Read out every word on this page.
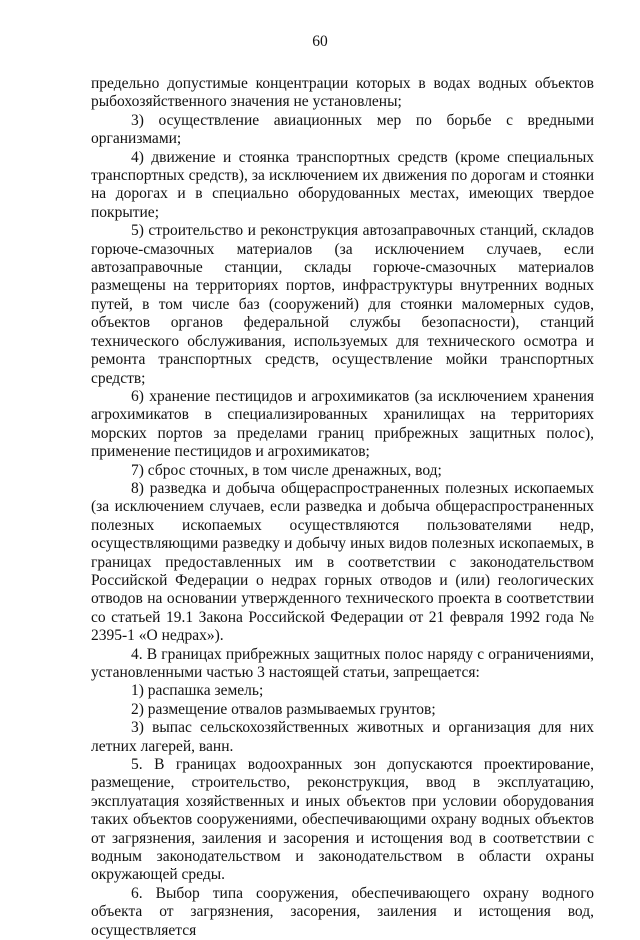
60

предельно допустимые концентрации которых в водах водных объектов рыбохозяйственного значения не установлены;

3) осуществление авиационных мер по борьбе с вредными организмами;

4) движение и стоянка транспортных средств (кроме специальных транспортных средств), за исключением их движения по дорогам и стоянки на дорогах и в специально оборудованных местах, имеющих твердое покрытие;

5) строительство и реконструкция автозаправочных станций, складов горюче-смазочных материалов (за исключением случаев, если автозаправочные станции, склады горюче-смазочных материалов размещены на территориях портов, инфраструктуры внутренних водных путей, в том числе баз (сооружений) для стоянки маломерных судов, объектов органов федеральной службы безопасности), станций технического обслуживания, используемых для технического осмотра и ремонта транспортных средств, осуществление мойки транспортных средств;

6) хранение пестицидов и агрохимикатов (за исключением хранения агрохимикатов в специализированных хранилищах на территориях морских портов за пределами границ прибрежных защитных полос), применение пестицидов и агрохимикатов;

7) сброс сточных, в том числе дренажных, вод;

8) разведка и добыча общераспространенных полезных ископаемых (за исключением случаев, если разведка и добыча общераспространенных полезных ископаемых осуществляются пользователями недр, осуществляющими разведку и добычу иных видов полезных ископаемых, в границах предоставленных им в соответствии с законодательством Российской Федерации о недрах горных отводов и (или) геологических отводов на основании утвержденного технического проекта в соответствии со статьей 19.1 Закона Российской Федерации от 21 февраля 1992 года № 2395-1 «О недрах»).

4. В границах прибрежных защитных полос наряду с ограничениями, установленными частью 3 настоящей статьи, запрещается:

1) распашка земель;

2) размещение отвалов размываемых грунтов;

3) выпас сельскохозяйственных животных и организация для них летних лагерей, ванн.

5. В границах водоохранных зон допускаются проектирование, размещение, строительство, реконструкция, ввод в эксплуатацию, эксплуатация хозяйственных и иных объектов при условии оборудования таких объектов сооружениями, обеспечивающими охрану водных объектов от загрязнения, заиления и засорения и истощения вод в соответствии с водным законодательством и законодательством в области охраны окружающей среды.

6. Выбор типа сооружения, обеспечивающего охрану водного объекта от загрязнения, засорения, заиления и истощения вод, осуществляется
